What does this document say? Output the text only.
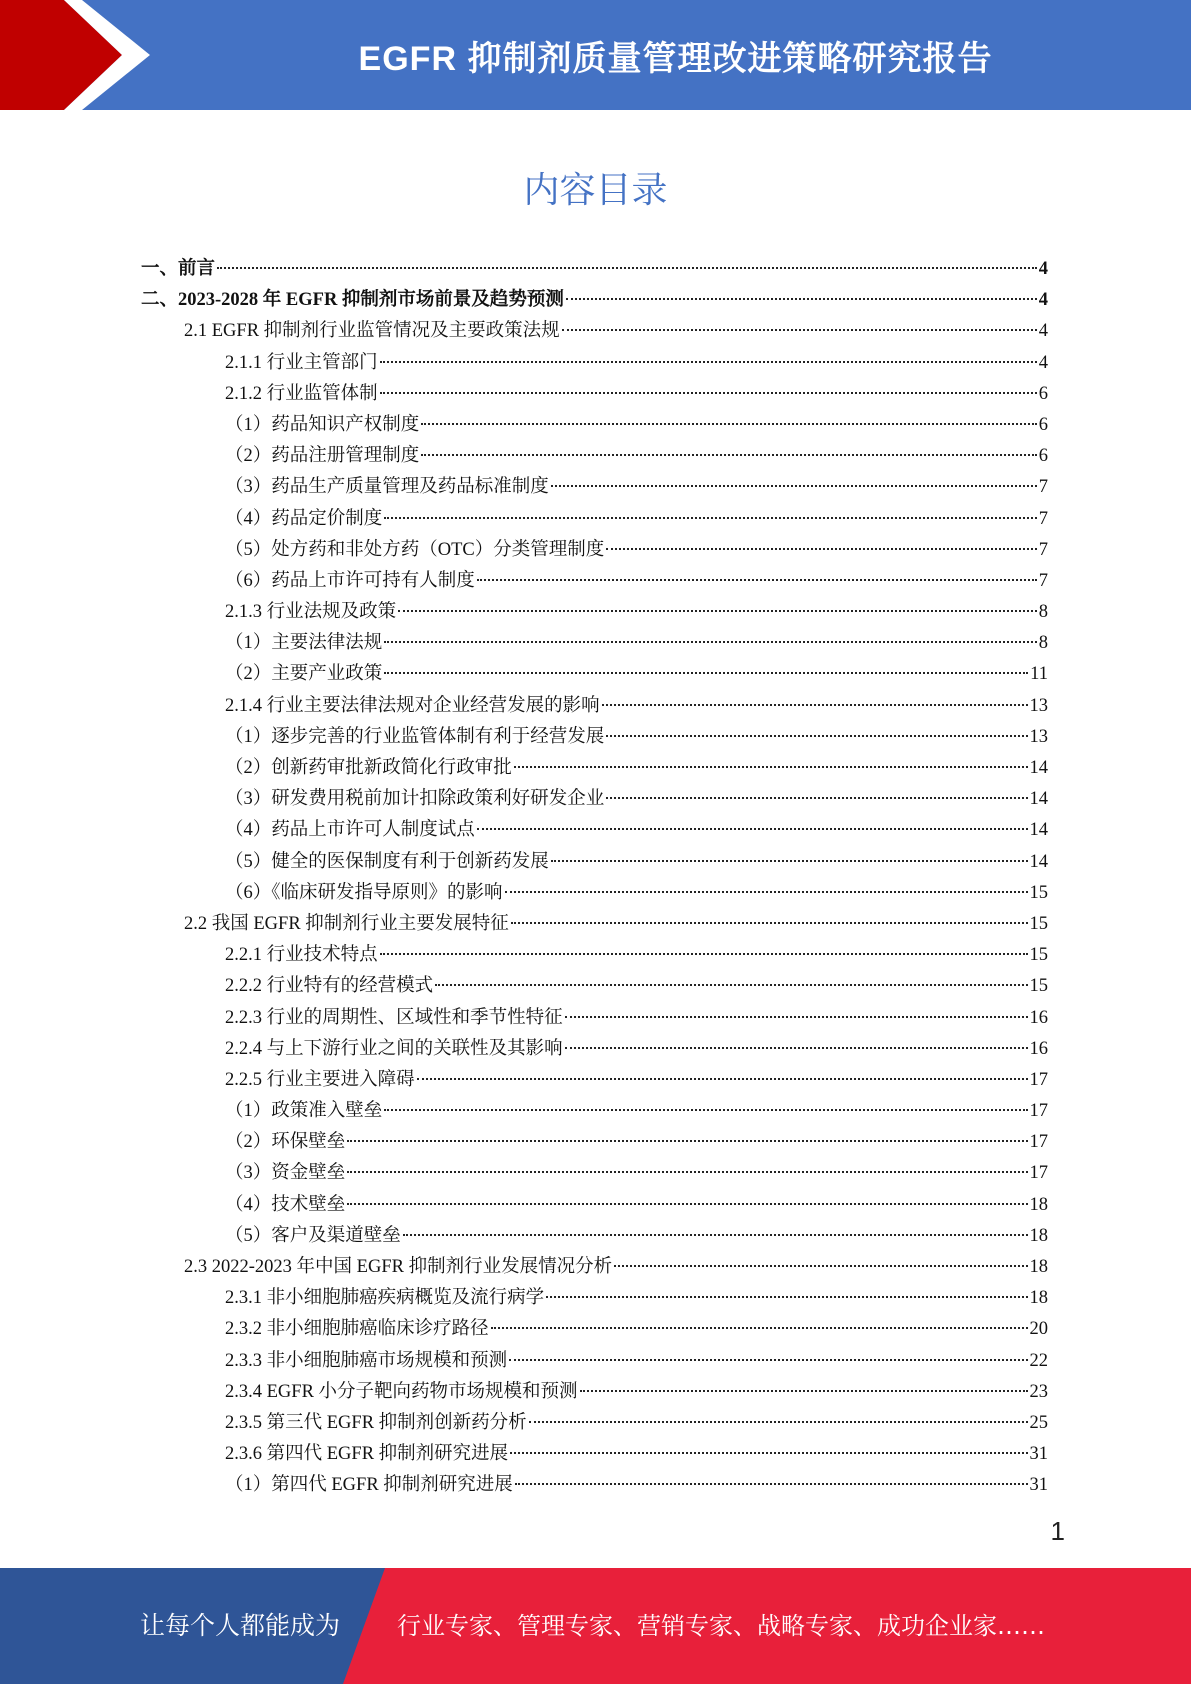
EGFR 抑制剂质量管理改进策略研究报告
内容目录
一、前言	4
二、2023-2028 年 EGFR 抑制剂市场前景及趋势预测	4
2.1 EGFR 抑制剂行业监管情况及主要政策法规	4
2.1.1 行业主管部门	4
2.1.2 行业监管体制	6
（1）药品知识产权制度	6
（2）药品注册管理制度	6
（3）药品生产质量管理及药品标准制度	7
（4）药品定价制度	7
（5）处方药和非处方药（OTC）分类管理制度	7
（6）药品上市许可持有人制度	7
2.1.3 行业法规及政策	8
（1）主要法律法规	8
（2）主要产业政策	11
2.1.4 行业主要法律法规对企业经营发展的影响	13
（1）逐步完善的行业监管体制有利于经营发展	13
（2）创新药审批新政简化行政审批	14
（3）研发费用税前加计扣除政策利好研发企业	14
（4）药品上市许可人制度试点	14
（5）健全的医保制度有利于创新药发展	14
（6）《临床研发指导原则》的影响	15
2.2 我国 EGFR 抑制剂行业主要发展特征	15
2.2.1 行业技术特点	15
2.2.2 行业特有的经营模式	15
2.2.3 行业的周期性、区域性和季节性特征	16
2.2.4 与上下游行业之间的关联性及其影响	16
2.2.5 行业主要进入障碍	17
（1）政策准入壁垒	17
（2）环保壁垒	17
（3）资金壁垒	17
（4）技术壁垒	18
（5）客户及渠道壁垒	18
2.3 2022-2023 年中国 EGFR 抑制剂行业发展情况分析	18
2.3.1 非小细胞肺癌疾病概览及流行病学	18
2.3.2 非小细胞肺癌临床诊疗路径	20
2.3.3 非小细胞肺癌市场规模和预测	22
2.3.4 EGFR 小分子靶向药物市场规模和预测	23
2.3.5 第三代 EGFR 抑制剂创新药分析	25
2.3.6 第四代 EGFR 抑制剂研究进展	31
（1）第四代 EGFR 抑制剂研究进展	31
1
让每个人都能成为 行业专家、管理专家、营销专家、战略专家、成功企业家……
